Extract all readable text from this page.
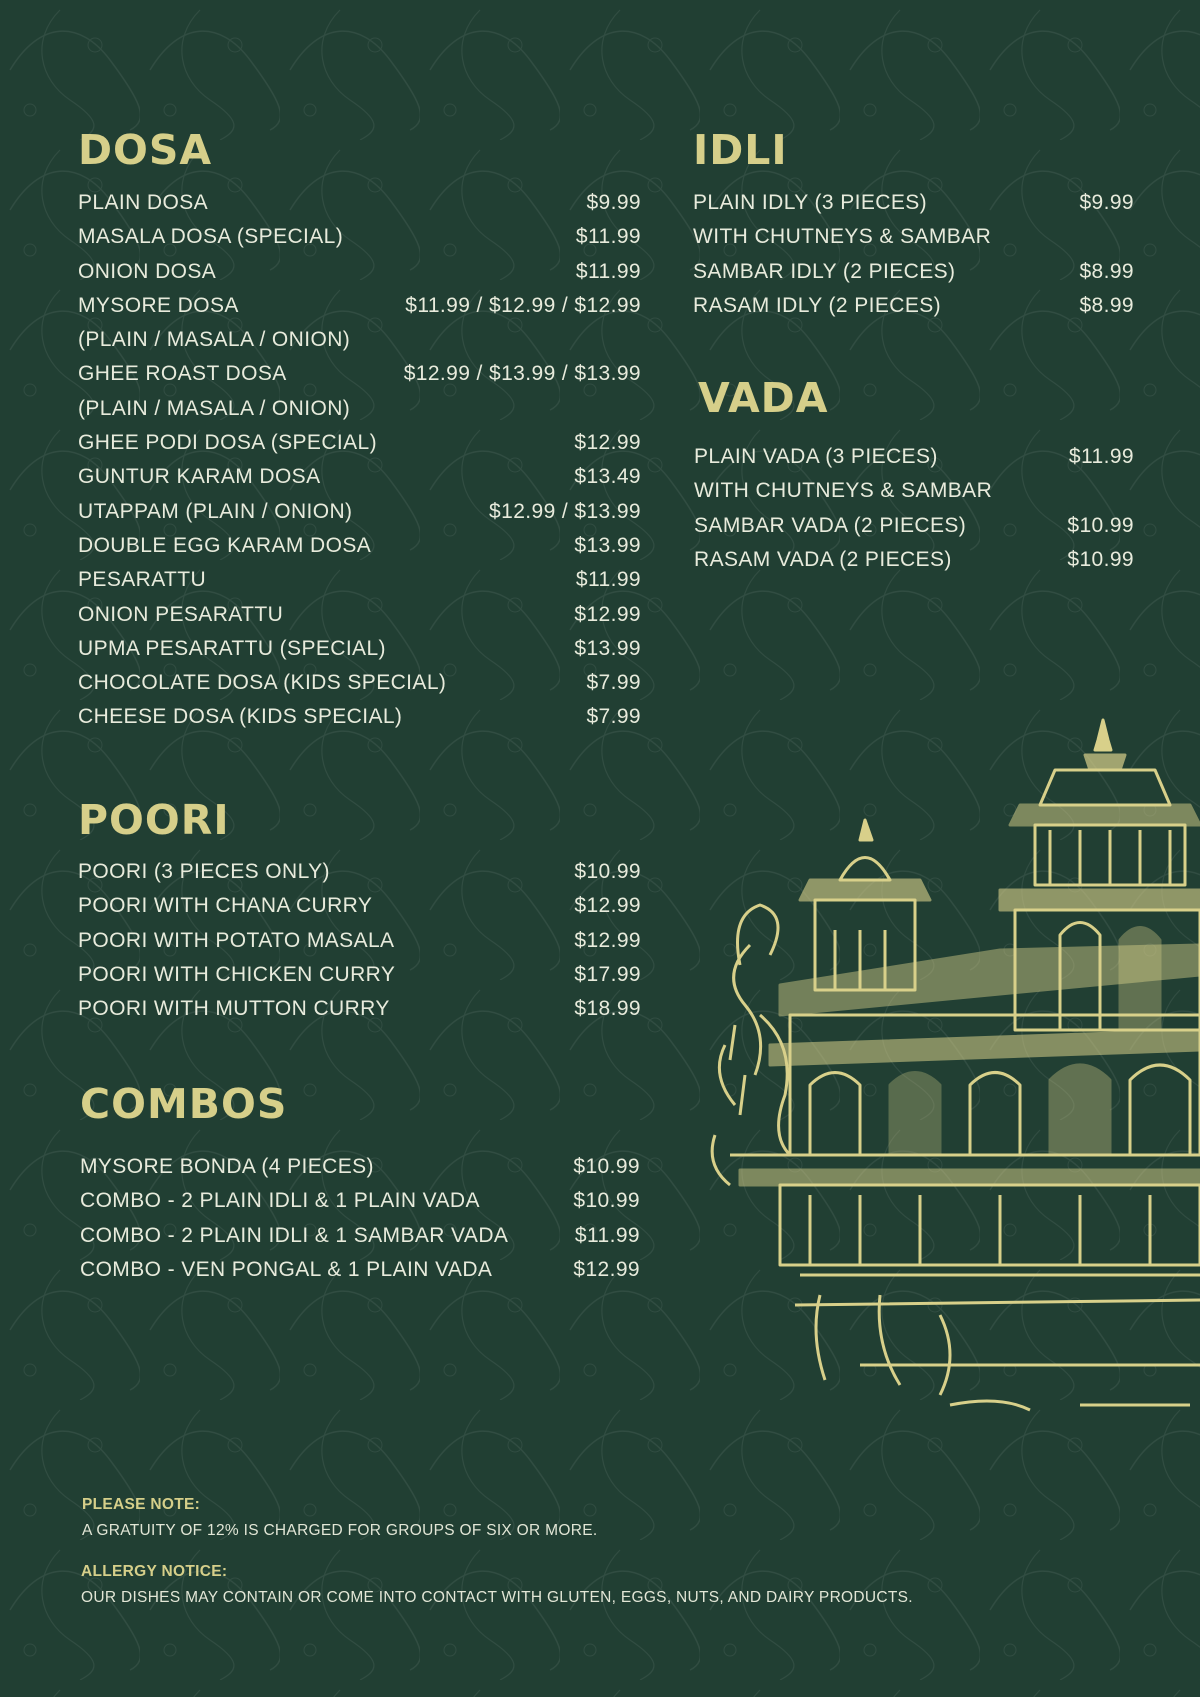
DOSA
PLAIN DOSA	$9.99
MASALA DOSA (SPECIAL)	$11.99
ONION DOSA	$11.99
MYSORE DOSA	$11.99 / $12.99 / $12.99
(PLAIN / MASALA / ONION)
GHEE ROAST DOSA	$12.99 / $13.99 / $13.99
(PLAIN / MASALA / ONION)
GHEE PODI DOSA (SPECIAL)	$12.99
GUNTUR KARAM DOSA	$13.49
UTAPPAM (PLAIN / ONION)	$12.99 / $13.99
DOUBLE EGG KARAM DOSA	$13.99
PESARATTU	$11.99
ONION PESARATTU	$12.99
UPMA PESARATTU (SPECIAL)	$13.99
CHOCOLATE DOSA (KIDS SPECIAL)	$7.99
CHEESE DOSA (KIDS SPECIAL)	$7.99
POORI
POORI (3 PIECES ONLY)	$10.99
POORI WITH CHANA CURRY	$12.99
POORI WITH POTATO MASALA	$12.99
POORI WITH CHICKEN CURRY	$17.99
POORI WITH MUTTON CURRY	$18.99
COMBOS
MYSORE BONDA (4 PIECES)	$10.99
COMBO - 2 PLAIN IDLI & 1 PLAIN VADA	$10.99
COMBO - 2 PLAIN IDLI & 1 SAMBAR VADA	$11.99
COMBO - VEN PONGAL & 1 PLAIN VADA	$12.99
IDLI
PLAIN IDLY (3 PIECES)	$9.99
WITH CHUTNEYS & SAMBAR
SAMBAR IDLY (2 PIECES)	$8.99
RASAM IDLY (2 PIECES)	$8.99
VADA
PLAIN VADA (3 PIECES)	$11.99
WITH CHUTNEYS & SAMBAR
SAMBAR VADA (2 PIECES)	$10.99
RASAM VADA (2 PIECES)	$10.99
PLEASE NOTE:
A GRATUITY OF 12% IS CHARGED FOR GROUPS OF SIX OR MORE.
ALLERGY NOTICE:
OUR DISHES MAY CONTAIN OR COME INTO CONTACT WITH GLUTEN, EGGS, NUTS, AND DAIRY PRODUCTS.
